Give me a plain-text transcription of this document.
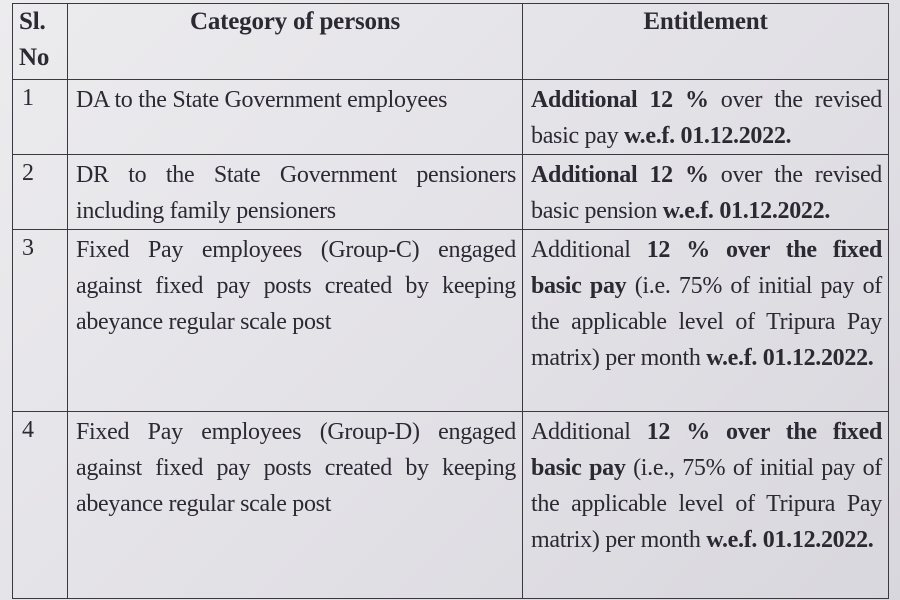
Sl.
No	Category of persons	Entitlement
1	DA to the State Government employees	Additional 12 % over the revised basic pay w.e.f. 01.12.2022.
2	DR to the State Government pensioners including family pensioners	Additional 12 % over the revised basic pension w.e.f. 01.12.2022.
3	Fixed Pay employees (Group-C) engaged against fixed pay posts created by keeping abeyance regular scale post	Additional 12 % over the fixed basic pay (i.e. 75% of initial pay of the applicable level of Tripura Pay matrix) per month w.e.f. 01.12.2022.
4	Fixed Pay employees (Group-D) engaged against fixed pay posts created by keeping abeyance regular scale post	Additional 12 % over the fixed basic pay (i.e., 75% of initial pay of the applicable level of Tripura Pay matrix) per month w.e.f. 01.12.2022.
